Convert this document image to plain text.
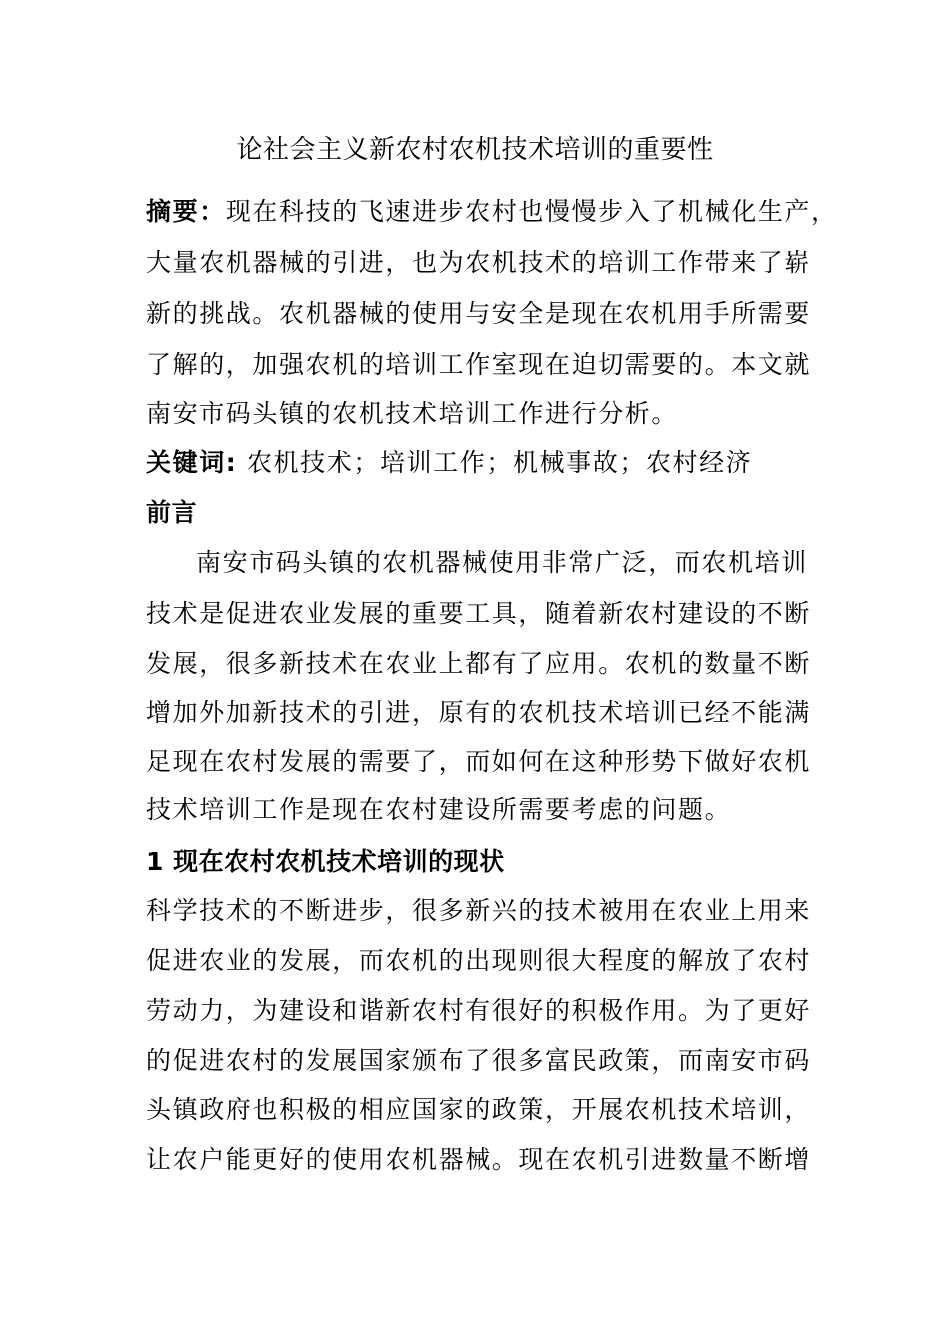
论社会主义新农村农机技术培训的重要性
摘要：现在科技的飞速进步农村也慢慢步入了机械化生产，
大量农机器械的引进，也为农机技术的培训工作带来了崭
新的挑战。农机器械的使用与安全是现在农机用手所需要
了解的，加强农机的培训工作室现在迫切需要的。本文就
南安市码头镇的农机技术培训工作进行分析。
关键词: 农机技术；培训工作；机械事故；农村经济
前言
南安市码头镇的农机器械使用非常广泛，而农机培训
技术是促进农业发展的重要工具，随着新农村建设的不断
发展，很多新技术在农业上都有了应用。农机的数量不断
增加外加新技术的引进，原有的农机技术培训已经不能满
足现在农村发展的需要了，而如何在这种形势下做好农机
技术培训工作是现在农村建设所需要考虑的问题。
1 现在农村农机技术培训的现状
科学技术的不断进步，很多新兴的技术被用在农业上用来
促进农业的发展，而农机的出现则很大程度的解放了农村
劳动力，为建设和谐新农村有很好的积极作用。为了更好
的促进农村的发展国家颁布了很多富民政策，而南安市码
头镇政府也积极的相应国家的政策，开展农机技术培训，
让农户能更好的使用农机器械。现在农机引进数量不断增
